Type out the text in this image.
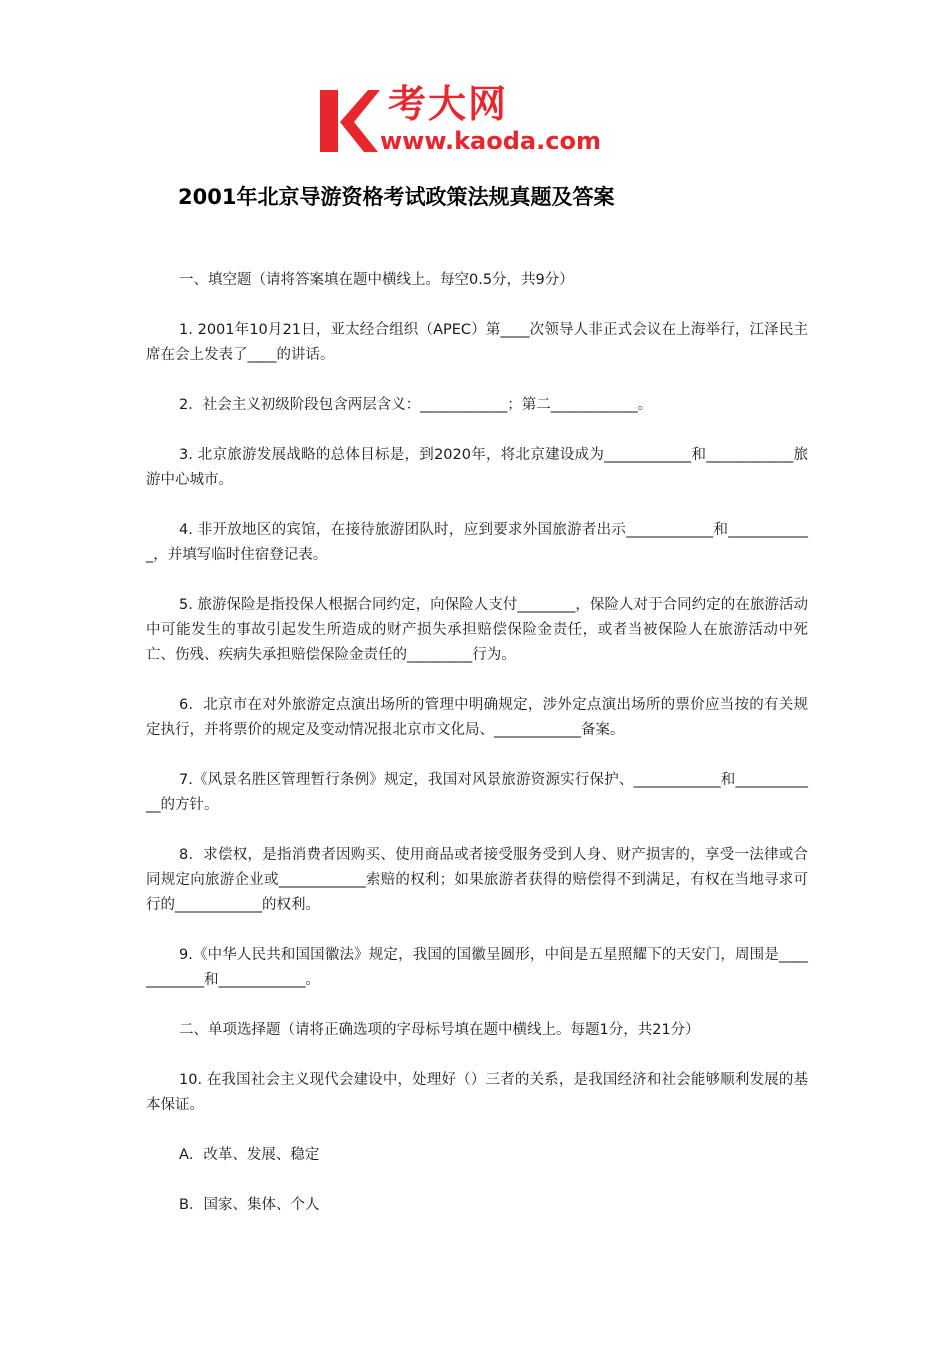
考大网
www.kaoda.com
2001年北京导游资格考试政策法规真题及答案

一、填空题（请将答案填在题中横线上。每空0.5分，共9分）

1. 2001年10月21日，亚太经合组织（APEC）第____次领导人非正式会议在上海举行，江泽民主席在会上发表了____的讲话。

2．社会主义初级阶段包含两层含义：____________；第二____________。

3. 北京旅游发展战略的总体目标是，到2020年，将北京建设成为____________和____________旅游中心城市。

4. 非开放地区的宾馆，在接待旅游团队时，应到要求外国旅游者出示____________和____________，并填写临时住宿登记表。

5. 旅游保险是指投保人根据合同约定，向保险人支付________，保险人对于合同约定的在旅游活动中可能发生的事故引起发生所造成的财产损失承担赔偿保险金责任，或者当被保险人在旅游活动中死亡、伤残、疾病失承担赔偿保险金责任的_________行为。

6．北京市在对外旅游定点演出场所的管理中明确规定，涉外定点演出场所的票价应当按的有关规定执行，并将票价的规定及变动情况报北京市文化局、____________备案。

7.《风景名胜区管理暂行条例》规定，我国对风景旅游资源实行保护、____________和____________的方针。

8．求偿权，是指消费者因购买、使用商品或者接受服务受到人身、财产损害的，享受一法律或合同规定向旅游企业或____________索赔的权利；如果旅游者获得的赔偿得不到满足，有权在当地寻求可行的____________的权利。

9.《中华人民共和国国徽法》规定，我国的国徽呈圆形，中间是五星照耀下的天安门，周围是____________和____________。

二、单项选择题（请将正确选项的字母标号填在题中横线上。每题1分，共21分）

10. 在我国社会主义现代会建设中，处理好（）三者的关系，是我国经济和社会能够顺利发展的基本保证。

A．改革、发展、稳定

B．国家、集体、个人
